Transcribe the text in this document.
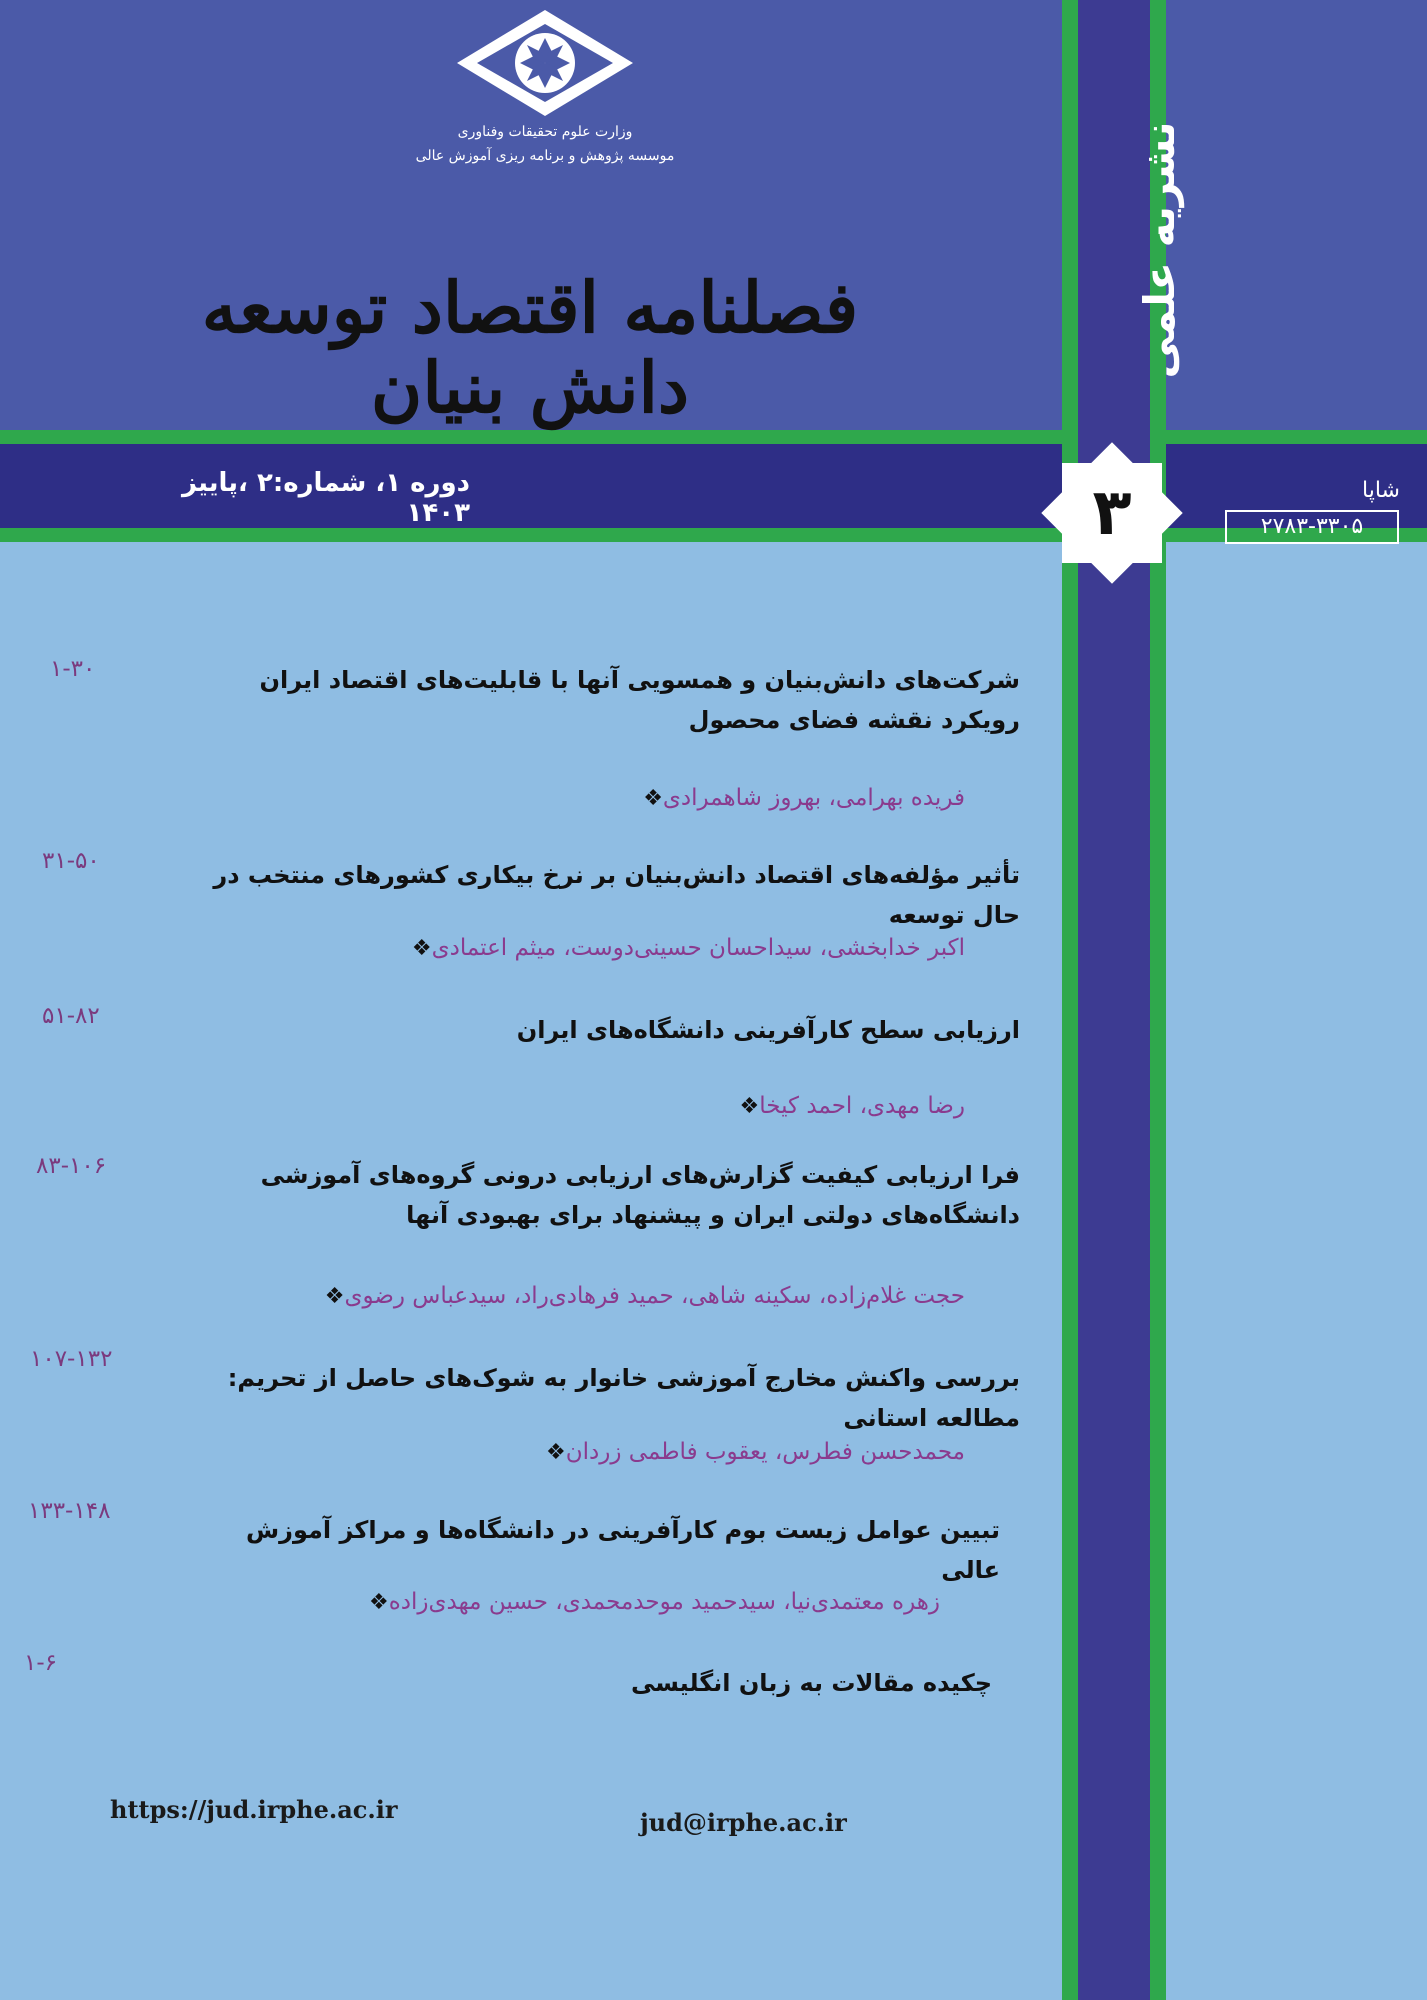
وزارت علوم تحقیقات وفناوری
موسسه پژوهش و برنامه ریزی آموزش عالی
فصلنامه اقتصاد توسعه دانش بنیان
نشریه علمی
دوره ۱، شماره:۲ ،پاییز ۱۴۰۳	۳	شاپا
۲۷۸۳-۳۳۰۵
شرکت‌های دانش‌بنیان و همسویی آنها با قابلیت‌های اقتصاد ایران رویکرد نقشه فضای محصول
فریده بهرامی، بهروز شاهمرادی❖
۱-۳۰
تأثیر مؤلفه‌های اقتصاد دانش‌بنیان بر نرخ بیکاری کشورهای منتخب در حال توسعه
اکبر خدابخشی، سیداحسان حسینی‌دوست، میثم اعتمادی❖
۳۱-۵۰
ارزیابی سطح کارآفرینی دانشگاه‌های ایران
رضا مهدی، احمد کیخا❖
۵۱-۸۲
فرا ارزیابی کیفیت گزارش‌های ارزیابی درونی گروه‌های آموزشی دانشگاه‌های دولتی ایران و پیشنهاد برای بهبودی آنها
حجت غلام‌زاده، سکینه شاهی، حمید فرهادی‌راد، سیدعباس رضوی❖
۸۳-۱۰۶
بررسی واکنش مخارج آموزشی خانوار به شوک‌های حاصل از تحریم: مطالعه استانی
محمدحسن فطرس، یعقوب فاطمی زردان❖
۱۰۷-۱۳۲
تبیین عوامل زیست بوم کارآفرینی در دانشگاه‌ها و مراکز آموزش عالی
زهره معتمدی‌نیا، سیدحمید موحدمحمدی، حسین مهدی‌زاده❖
۱۳۳-۱۴۸
چکیده مقالات به زبان انگلیسی
۱-۶
https://jud.irphe.ac.ir	jud@irphe.ac.ir
